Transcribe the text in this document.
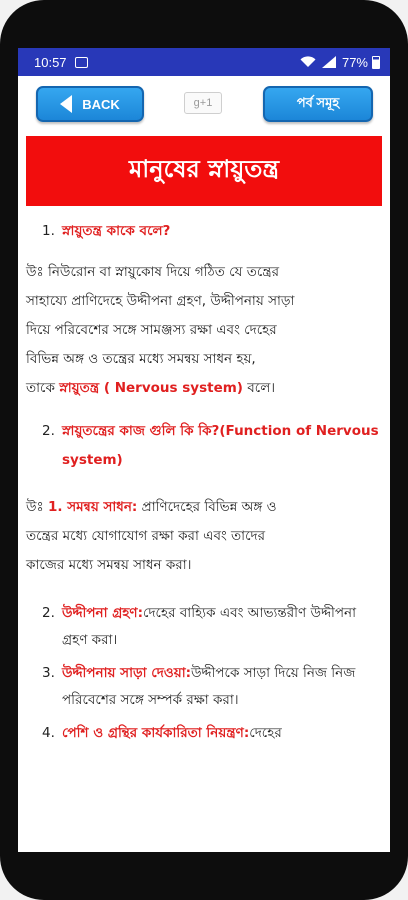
10:57	77%
BACK	g+1	পর্ব সমূহ
মানুষের স্নায়ুতন্ত্র
1. স্নায়ুতন্ত্র কাকে বলে?
উঃ নিউরোন বা স্নায়ুকোষ দিয়ে গঠিত যে তন্ত্রের
সাহায্যে প্রাণিদেহে উদ্দীপনা গ্রহণ, উদ্দীপনায় সাড়া
দিয়ে পরিবেশের সঙ্গে সামঞ্জস্য রক্ষা এবং দেহের
বিভিন্ন অঙ্গ ও তন্ত্রের মধ্যে সমন্বয় সাধন হয়,
তাকে স্নায়ুতন্ত্র ( Nervous system) বলে।
2. স্নায়ুতন্ত্রের কাজ গুলি কি কি?(Function of Nervous system)
উঃ 1. সমন্বয় সাধন: প্রাণিদেহের বিভিন্ন অঙ্গ ও
তন্ত্রের মধ্যে যোগাযোগ রক্ষা করা এবং তাদের
কাজের মধ্যে সমন্বয় সাধন করা।
2. উদ্দীপনা গ্রহণ:দেহের বাহ্যিক এবং আভ্যন্তরীণ উদ্দীপনা গ্রহণ করা।
3. উদ্দীপনায় সাড়া দেওয়া:উদ্দীপকে সাড়া দিয়ে নিজ নিজ পরিবেশের সঙ্গে সম্পর্ক রক্ষা করা।
4. পেশি ও গ্রন্থির কার্যকারিতা নিয়ন্ত্রণ:দেহের
